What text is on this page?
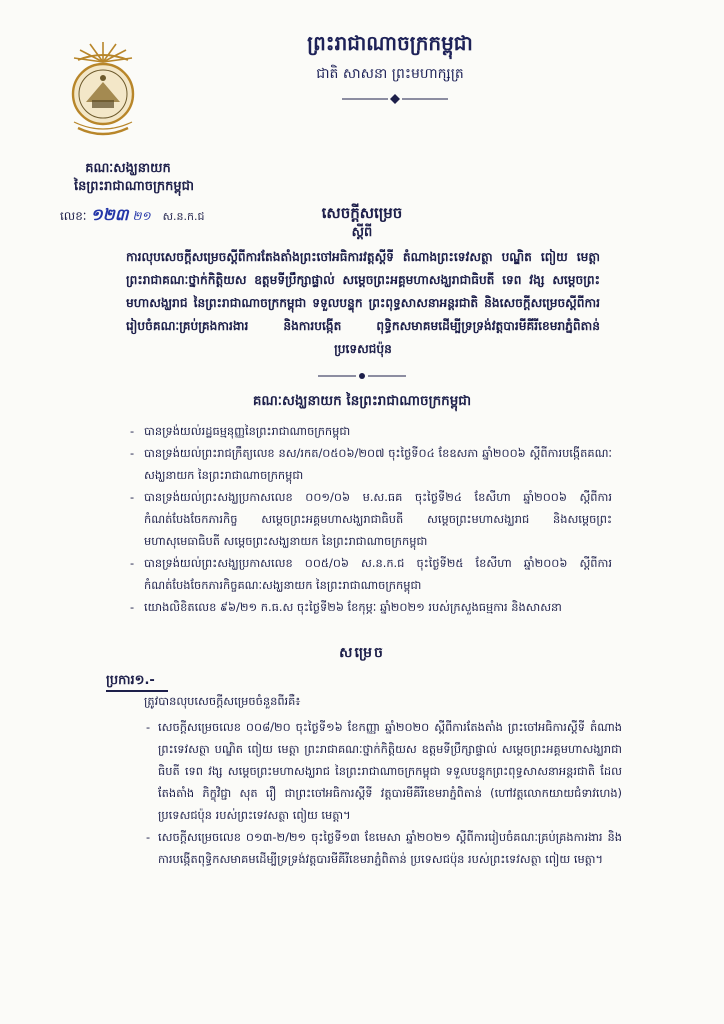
ព្រះរាជាណាចក្រកម្ពុជា
ជាតិ សាសនា ព្រះមហាក្សត្រ
គណៈសង្ឃនាយក
នៃព្រះរាជាណាចក្រកម្ពុជា
លេខៈ ១២៣ ២១ ស.ន.ក.ជ	សេចក្ដីសម្រេច
ស្ដីពី
ការលុបសេចក្ដីសម្រេចស្ដីពីការតែងតាំងព្រះចៅអធិការវត្តស្ដីទី តំណាងព្រះទេវសត្ថា បណ្ឌិត ពៀយ មេត្តា ព្រះរាជាគណៈថ្នាក់កិត្តិយស ឧត្ដមទីប្រឹក្សាផ្ទាល់ សម្ដេចព្រះអគ្គមហាសង្ឃរាជាធិបតី ទេព វង្ស សម្ដេចព្រះមហាសង្ឃរាជ នៃព្រះរាជាណាចក្រកម្ពុជា ទទួលបន្ទុក ព្រះពុទ្ធសាសនាអន្តរជាតិ និងសេចក្ដីសម្រេចស្ដីពីការរៀបចំគណៈគ្រប់គ្រងការងារ និងការបង្កើត ពុទ្ធិកសមាគមដើម្បីទ្រទ្រង់វត្តបារមីគីរីខេមរាភ្នំពិតាន់ ប្រទេសជប៉ុន
គណៈសង្ឃនាយក នៃព្រះរាជាណាចក្រកម្ពុជា
- បានទ្រង់យល់រដ្ឋធម្មនុញ្ញនៃព្រះរាជាណាចក្រកម្ពុជា
- បានទ្រង់យល់ព្រះរាជក្រឹត្យលេខ នស/រកត/០៥០៦/២០៧ ចុះថ្ងៃទី០៤ ខែឧសភា ឆ្នាំ២០០៦ ស្ដីពីការបង្កើតគណៈសង្ឃនាយក នៃព្រះរាជាណាចក្រកម្ពុជា
- បានទ្រង់យល់ព្រះសង្ឃប្រកាសលេខ ០០១/០៦ ម.ស.ធគ ចុះថ្ងៃទី២៤ ខែសីហា ឆ្នាំ២០០៦ ស្ដីពីការកំណត់បែងចែកភារកិច្ច សម្ដេចព្រះអគ្គមហាសង្ឃរាជាធិបតី សម្ដេចព្រះមហាសង្ឃរាជ និងសម្ដេចព្រះមហាសុមេធាធិបតី សម្ដេចព្រះសង្ឃនាយក នៃព្រះរាជាណាចក្រកម្ពុជា
- បានទ្រង់យល់ព្រះសង្ឃប្រកាសលេខ ០០៥/០៦ ស.ន.ក.ជ ចុះថ្ងៃទី២៥ ខែសីហា ឆ្នាំ២០០៦ ស្ដីពីការកំណត់បែងចែកភារកិច្ចគណៈសង្ឃនាយក នៃព្រះរាជាណាចក្រកម្ពុជា
- យោងលិខិតលេខ ៩៦/២១ ក.ធ.ស ចុះថ្ងៃទី២៦ ខែកុម្ភៈ ឆ្នាំ២០២១ របស់ក្រសួងធម្មការ និងសាសនា
សម្រេច
ប្រការ១.-
ត្រូវបានលុបសេចក្ដីសម្រេចចំនួនពីរគឺ៖
- សេចក្ដីសម្រេចលេខ ០០៨/២០ ចុះថ្ងៃទី១៦ ខែកញ្ញា ឆ្នាំ២០២០ ស្ដីពីការតែងតាំង ព្រះចៅអធិការស្ដីទី តំណាងព្រះទេវសត្ថា បណ្ឌិត ពៀយ មេត្តា ព្រះរាជាគណៈថ្នាក់កិត្តិយស ឧត្ដមទីប្រឹក្សាផ្ទាល់ សម្ដេចព្រះអគ្គមហាសង្ឃរាជាធិបតី ទេព វង្ស សម្ដេចព្រះមហាសង្ឃរាជ នៃព្រះរាជាណាចក្រកម្ពុជា ទទួលបន្ទុកព្រះពុទ្ធសាសនាអន្តរជាតិ ដែលតែងតាំង ភិក្ខុវិជ្ជា សុត រឿ ជាព្រះចៅអធិការស្ដីទី វត្តបារមីគីរីខេមរាភ្នំពិតាន់ (ហៅវត្តលោកយាយជំទាវហេង) ប្រទេសជប៉ុន របស់ព្រះទេវសត្ថា ពៀយ មេត្តា។
- សេចក្ដីសម្រេចលេខ ០១៣-២/២១ ចុះថ្ងៃទី១៣ ខែមេសា ឆ្នាំ២០២១ ស្ដីពីការរៀបចំគណៈគ្រប់គ្រងការងារ និងការបង្កើតពុទ្ធិកសមាគមដើម្បីទ្រទ្រង់វត្តបារមីគីរីខេមរាភ្នំពិតាន់ ប្រទេសជប៉ុន របស់ព្រះទេវសត្ថា ពៀយ មេត្តា។
